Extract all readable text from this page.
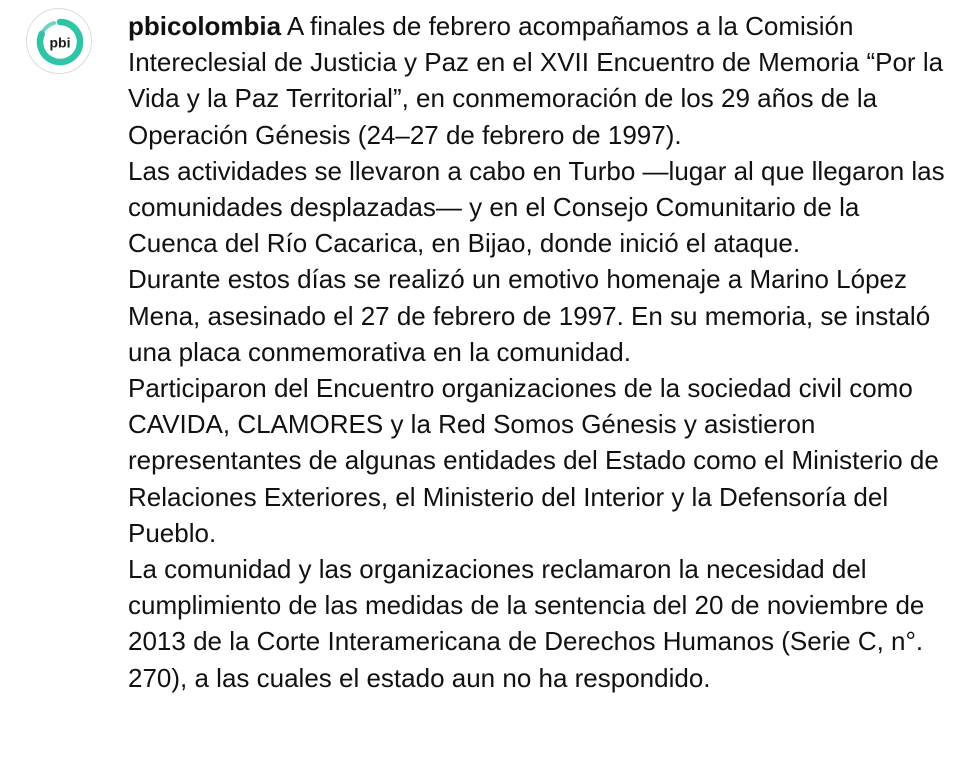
pbi
pbicolombia A finales de febrero acompañamos a la Comisión Intereclesial de Justicia y Paz en el XVII Encuentro de Memoria “Por la Vida y la Paz Territorial”, en conmemoración de los 29 años de la Operación Génesis (24–27 de febrero de 1997).
Las actividades se llevaron a cabo en Turbo —lugar al que llegaron las comunidades desplazadas— y en el Consejo Comunitario de la Cuenca del Río Cacarica, en Bijao, donde inició el ataque.
Durante estos días se realizó un emotivo homenaje a Marino López Mena, asesinado el 27 de febrero de 1997. En su memoria, se instaló una placa conmemorativa en la comunidad.
Participaron del Encuentro organizaciones de la sociedad civil como CAVIDA, CLAMORES y la Red Somos Génesis y asistieron representantes de algunas entidades del Estado como el Ministerio de Relaciones Exteriores, el Ministerio del Interior y la Defensoría del Pueblo.
La comunidad y las organizaciones reclamaron la necesidad del cumplimiento de las medidas de la sentencia del 20 de noviembre de 2013 de la Corte Interamericana de Derechos Humanos (Serie C, n°. 270), a las cuales el estado aun no ha respondido.
